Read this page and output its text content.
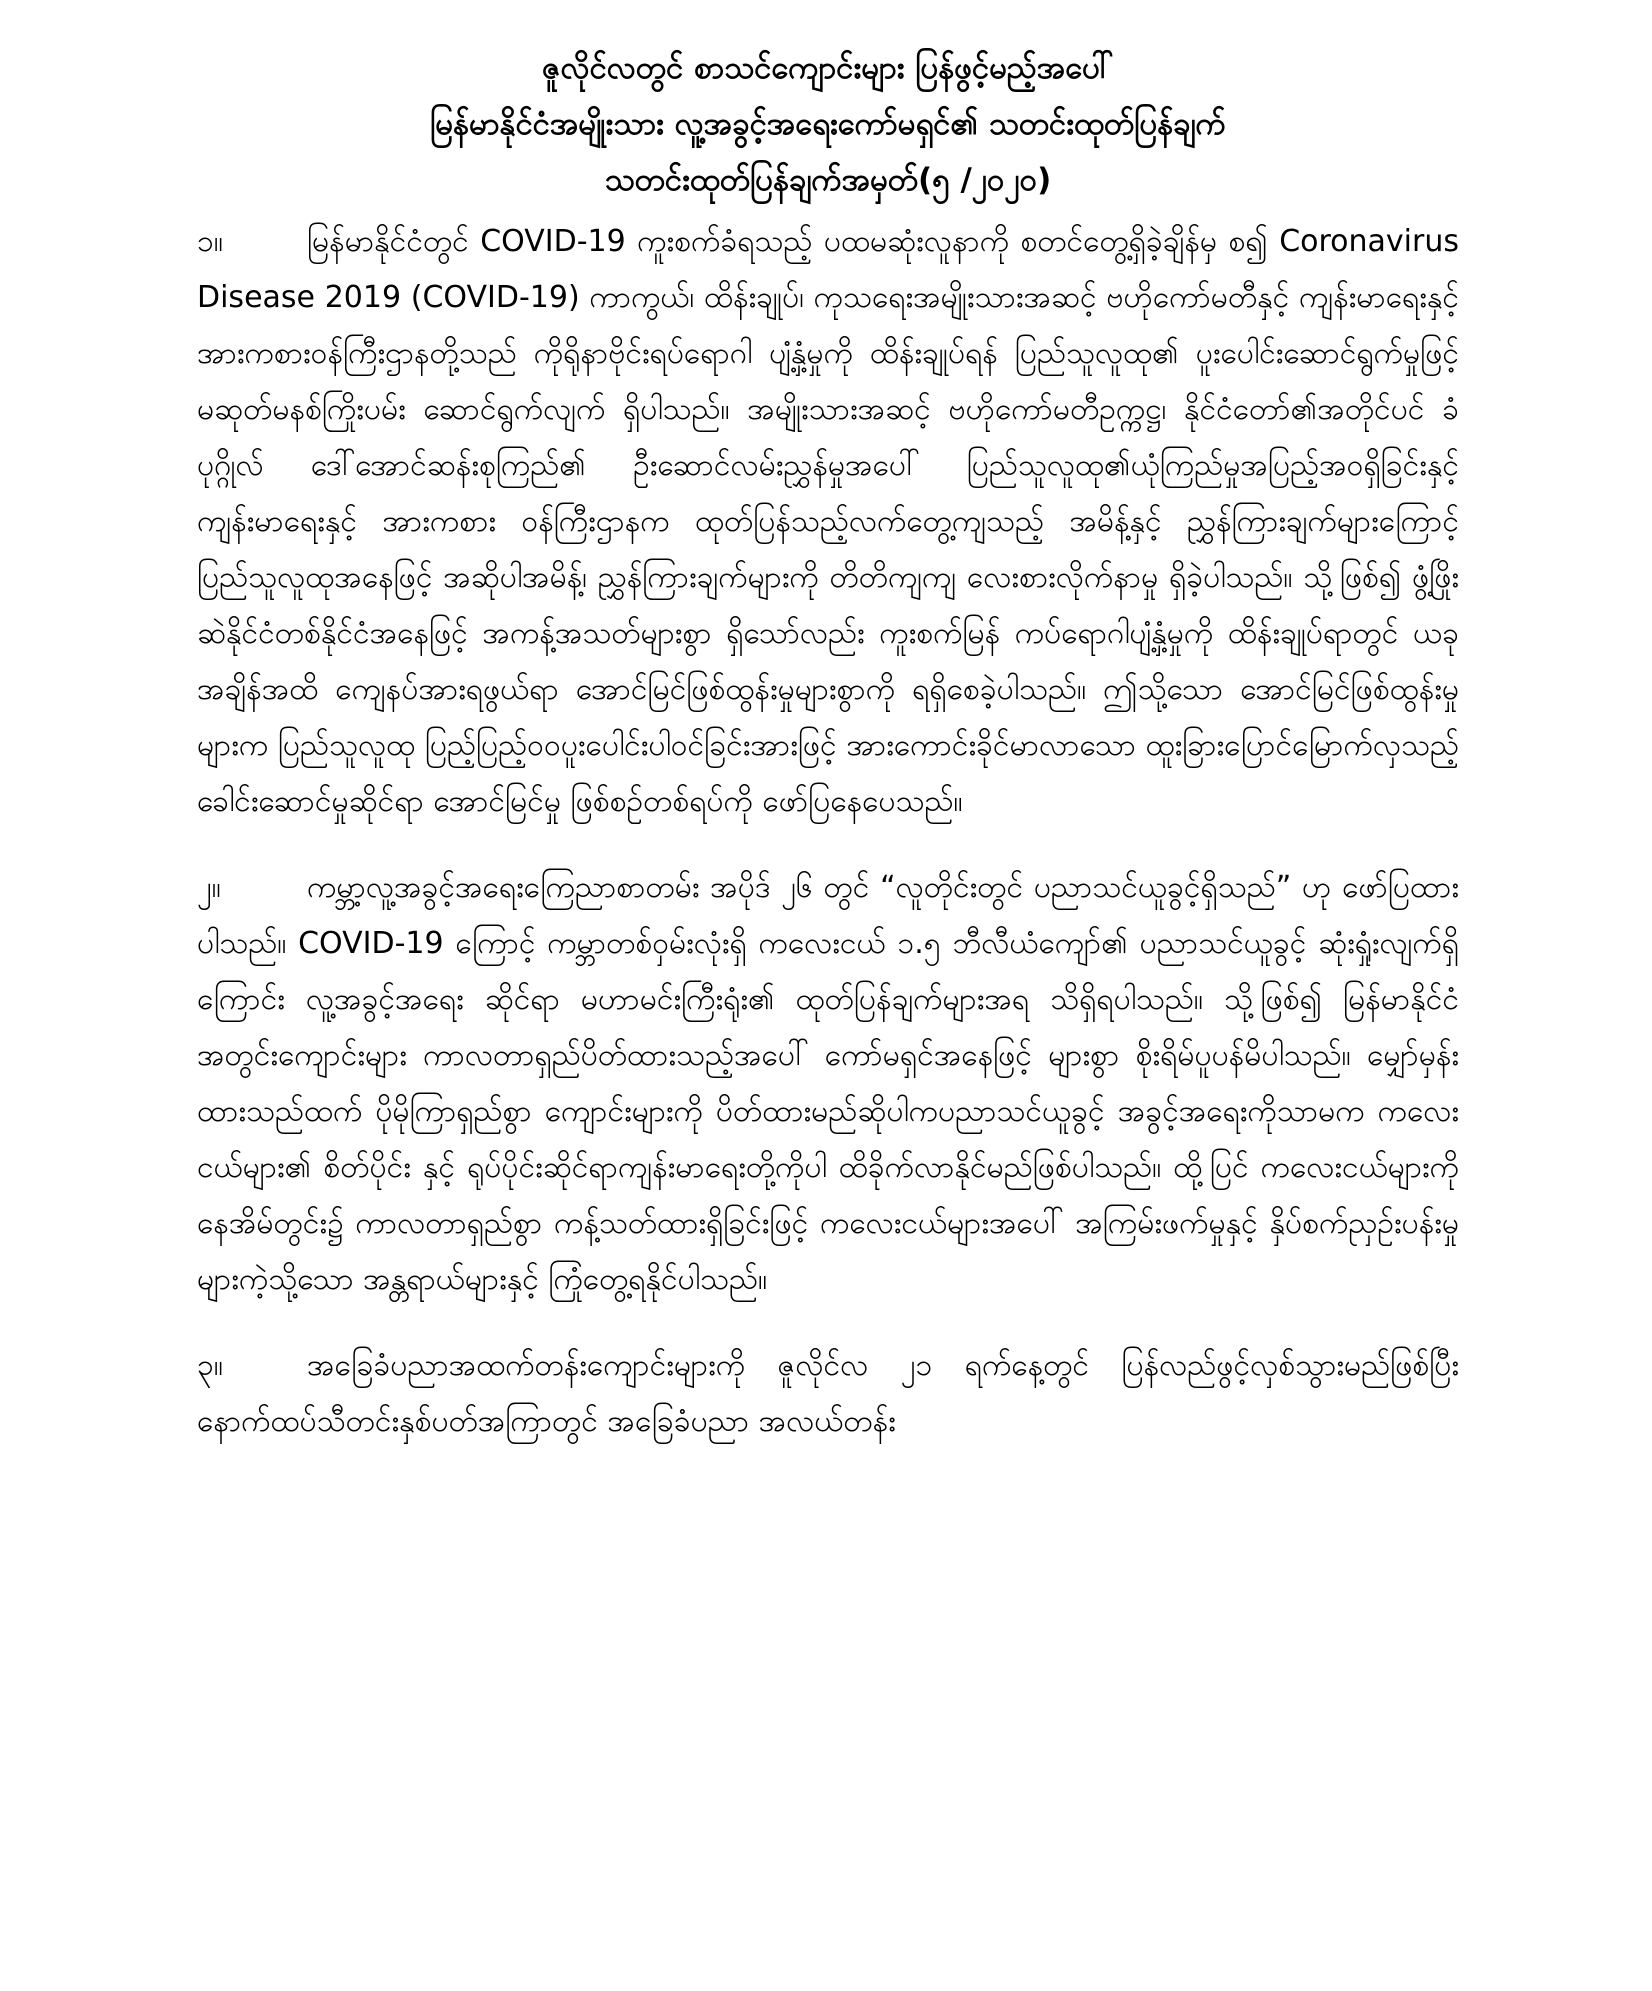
ဇူလိုင်လတွင် စာသင်ကျောင်းများ ပြန်ဖွင့်မည့်အပေါ်
မြန်မာနိုင်ငံအမျိုးသား လူ့အခွင့်အရေးကော်မရှင်၏ သတင်းထုတ်ပြန်ချက်
သတင်းထုတ်ပြန်ချက်အမှတ်(၅ /၂၀၂၀)

၁။	မြန်မာနိုင်ငံတွင် COVID-19 ကူးစက်ခံရသည့် ပထမဆုံးလူနာကို စတင်တွေ့ရှိခဲ့ချိန်မှ စ၍ Coronavirus Disease 2019 (COVID-19) ကာကွယ်၊ ထိန်းချုပ်၊ ကုသရေးအမျိုးသားအဆင့် ဗဟိုကော်မတီနှင့် ကျန်းမာရေးနှင့် အားကစားဝန်ကြီးဌာနတို့သည် ကိုရိုနာဗိုင်းရပ်ရောဂါ ပျံ့နှံ့မှုကို ထိန်းချုပ်ရန် ပြည်သူလူထု၏ ပူးပေါင်းဆောင်ရွက်မှုဖြင့် မဆုတ်မနစ်ကြိုးပမ်း ဆောင်ရွက်လျက် ရှိပါသည်။ အမျိုးသားအဆင့် ဗဟိုကော်မတီဥက္ကဋ္ဌ၊ နိုင်ငံတော်၏အတိုင်ပင် ခံပုဂ္ဂိုလ် ဒေါ်အောင်ဆန်းစုကြည်၏ ဦးဆောင်လမ်းညွှန်မှုအပေါ် ပြည်သူလူထု၏ယုံကြည်မှုအပြည့်အဝရှိခြင်းနှင့် ကျန်းမာရေးနှင့် အားကစား ဝန်ကြီးဌာနက ထုတ်ပြန်သည့်လက်တွေ့ကျသည့် အမိန့်နှင့် ညွှန်ကြားချက်များကြောင့် ပြည်သူလူထုအနေဖြင့် အဆိုပါအမိန့်၊ ညွှန်ကြားချက်များကို တိတိကျကျ လေးစားလိုက်နာမှု ရှိခဲ့ပါသည်။ သို့ဖြစ်၍ ဖွံ့ဖြိုးဆဲနိုင်ငံတစ်နိုင်ငံအနေဖြင့် အကန့်အသတ်များစွာ ရှိသော်လည်း ကူးစက်မြန် ကပ်ရောဂါပျံ့နှံ့မှုကို ထိန်းချုပ်ရာတွင် ယခုအချိန်အထိ ကျေနပ်အားရဖွယ်ရာ အောင်မြင်ဖြစ်ထွန်းမှုများစွာကို ရရှိစေခဲ့ပါသည်။ ဤသို့သော အောင်မြင်ဖြစ်ထွန်းမှုများက ပြည်သူလူထု ပြည့်ပြည့်ဝဝပူးပေါင်းပါဝင်ခြင်းအားဖြင့် အားကောင်းခိုင်မာလာသော ထူးခြားပြောင်မြောက်လှသည့်ခေါင်းဆောင်မှုဆိုင်ရာ အောင်မြင်မှု ဖြစ်စဉ်တစ်ရပ်ကို ဖော်ပြနေပေသည်။

၂။	ကမ္ဘာ့လူ့အခွင့်အရေးကြေညာစာတမ်း အပိုဒ် ၂၆ တွင် “လူတိုင်းတွင် ပညာသင်ယူခွင့်ရှိသည်” ဟု ဖော်ပြထားပါသည်။ COVID-19 ကြောင့် ကမ္ဘာတစ်ဝှမ်းလုံးရှိ ကလေးငယ် ၁.၅ ဘီလီယံကျော်၏ ပညာသင်ယူခွင့် ဆုံးရှုံးလျက်ရှိကြောင်း လူ့အခွင့်အရေး ဆိုင်ရာ မဟာမင်းကြီးရုံး၏ ထုတ်ပြန်ချက်များအရ သိရှိရပါသည်။ သို့ဖြစ်၍ မြန်မာနိုင်ငံအတွင်းကျောင်းများ ကာလတာရှည်ပိတ်ထားသည့်အပေါ် ကော်မရှင်အနေဖြင့် များစွာ စိုးရိမ်ပူပန်မိပါသည်။ မျှော်မှန်းထားသည်ထက် ပိုမိုကြာရှည်စွာ ကျောင်းများကို ပိတ်ထားမည်ဆိုပါကပညာသင်ယူခွင့် အခွင့်အရေးကိုသာမက ကလေးငယ်များ၏ စိတ်ပိုင်း နှင့် ရုပ်ပိုင်းဆိုင်ရာကျန်းမာရေးတို့ကိုပါ ထိခိုက်လာနိုင်မည်ဖြစ်ပါသည်။ ထို့ပြင် ကလေးငယ်များကို နေအိမ်တွင်း၌ ကာလတာရှည်စွာ ကန့်သတ်ထားရှိခြင်းဖြင့် ကလေးငယ်များအပေါ် အကြမ်းဖက်မှုနှင့် နှိပ်စက်ညှဉ်းပန်းမှုများကဲ့သို့သော အန္တရာယ်များနှင့် ကြုံတွေ့ရနိုင်ပါသည်။

၃။	အခြေခံပညာအထက်တန်းကျောင်းများကို ဇူလိုင်လ ၂၁ ရက်နေ့တွင် ပြန်လည်ဖွင့်လှစ်သွားမည်ဖြစ်ပြီး နောက်ထပ်သီတင်းနှစ်ပတ်အကြာတွင် အခြေခံပညာ အလယ်တန်း
